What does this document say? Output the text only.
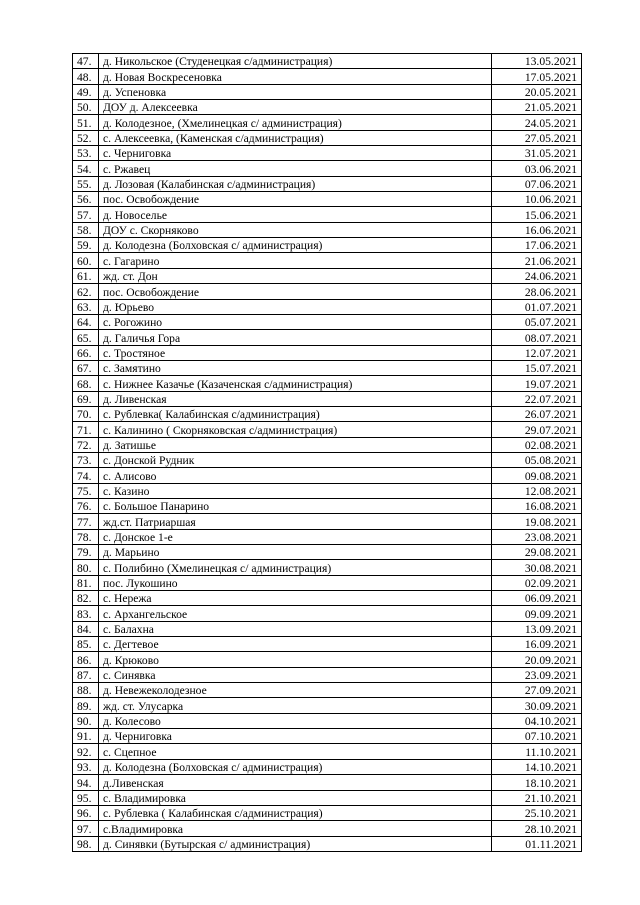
47.	д. Никольское (Студенецкая с/администрация)	13.05.2021
48.	д. Новая Воскресеновка	17.05.2021
49.	д. Успеновка	20.05.2021
50.	ДОУ д. Алексеевка	21.05.2021
51.	д. Колодезное, (Хмелинецкая с/ администрация)	24.05.2021
52.	с. Алексеевка, (Каменская с/администрация)	27.05.2021
53.	с. Черниговка	31.05.2021
54.	с. Ржавец	03.06.2021
55.	д. Лозовая (Калабинская с/администрация)	07.06.2021
56.	пос. Освобождение	10.06.2021
57.	д. Новоселье	15.06.2021
58.	ДОУ с. Скорняково	16.06.2021
59.	д. Колодезна (Болховская с/ администрация)	17.06.2021
60.	с. Гагарино	21.06.2021
61.	жд. ст. Дон	24.06.2021
62.	пос. Освобождение	28.06.2021
63.	д. Юрьево	01.07.2021
64.	с. Рогожино	05.07.2021
65.	д. Галичья Гора	08.07.2021
66.	с. Тростяное	12.07.2021
67.	с. Замятино	15.07.2021
68.	с. Нижнее Казачье (Казаченская с/администрация)	19.07.2021
69.	д. Ливенская	22.07.2021
70.	с. Рублевка( Калабинская с/администрация)	26.07.2021
71.	с. Калинино ( Скорняковская с/администрация)	29.07.2021
72.	д. Затишье	02.08.2021
73.	с. Донской Рудник	05.08.2021
74.	с. Алисово	09.08.2021
75.	с. Казино	12.08.2021
76.	с. Большое Панарино	16.08.2021
77.	жд.ст. Патриаршая	19.08.2021
78.	с. Донское 1-е	23.08.2021
79.	д. Марьино	29.08.2021
80.	с. Полибино (Хмелинецкая с/ администрация)	30.08.2021
81.	пос. Лукошино	02.09.2021
82.	с. Нережа	06.09.2021
83.	с. Архангельское	09.09.2021
84.	с. Балахна	13.09.2021
85.	с. Дегтевое	16.09.2021
86.	д. Крюково	20.09.2021
87.	с. Синявка	23.09.2021
88.	д. Невежеколодезное	27.09.2021
89.	жд. ст. Улусарка	30.09.2021
90.	д. Колесово	04.10.2021
91.	д. Черниговка	07.10.2021
92.	с. Сцепное	11.10.2021
93.	д. Колодезна (Болховская с/ администрация)	14.10.2021
94.	д.Ливенская	18.10.2021
95.	с. Владимировка	21.10.2021
96.	с. Рублевка ( Калабинская с/администрация)	25.10.2021
97.	с.Владимировка	28.10.2021
98.	д. Синявки (Бутырская с/ администрация)	01.11.2021
